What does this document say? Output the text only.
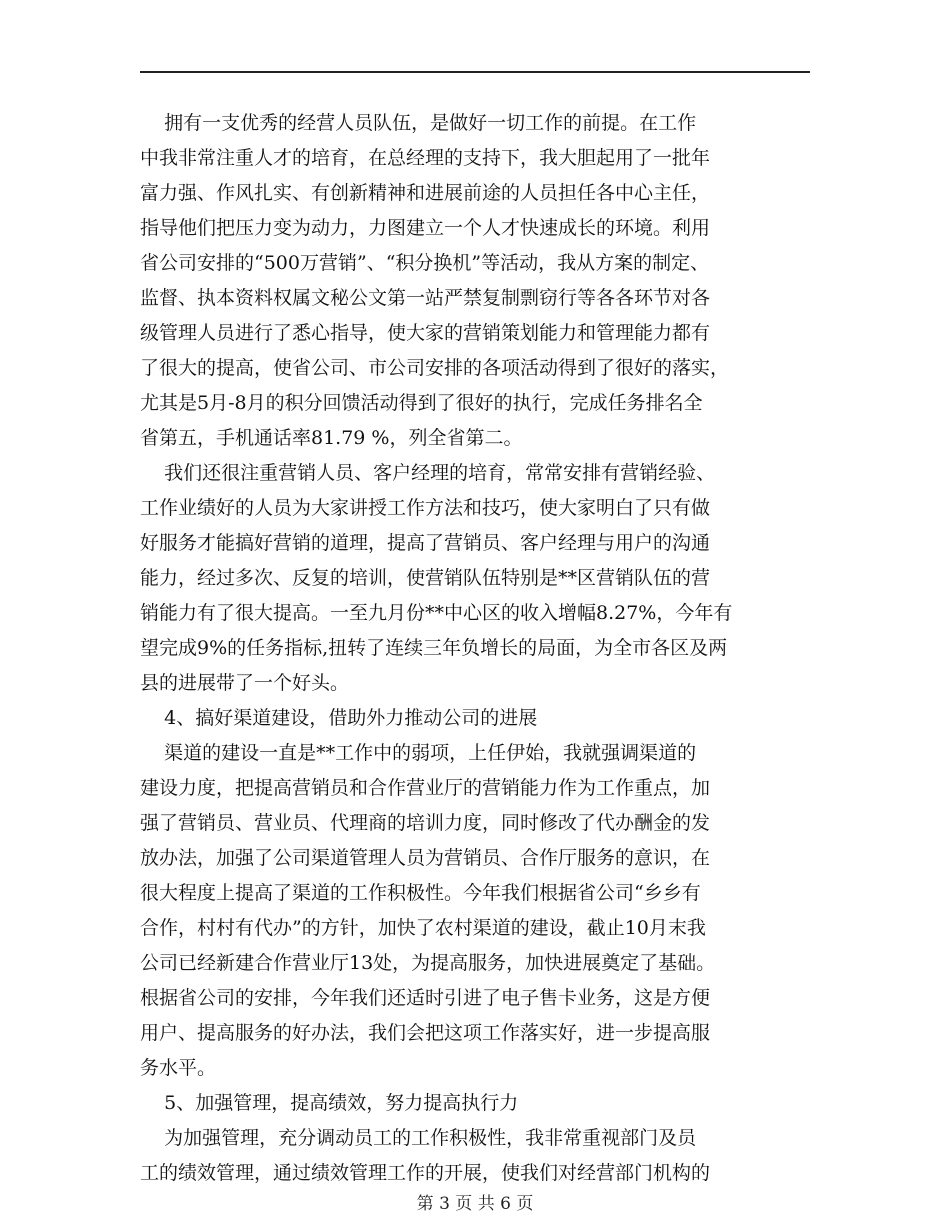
拥有一支优秀的经营人员队伍，是做好一切工作的前提。在工作
中我非常注重人才的培育，在总经理的支持下，我大胆起用了一批年
富力强、作风扎实、有创新精神和进展前途的人员担任各中心主任，
指导他们把压力变为动力，力图建立一个人才快速成长的环境。利用
省公司安排的“500万营销”、“积分换机”等活动，我从方案的制定、
监督、执本资料权属文秘公文第一站严禁复制剽窃行等各各环节对各
级管理人员进行了悉心指导，使大家的营销策划能力和管理能力都有
了很大的提高，使省公司、市公司安排的各项活动得到了很好的落实，
尤其是5月-8月的积分回馈活动得到了很好的执行，完成任务排名全
省第五，手机通话率81.79 %，列全省第二。
我们还很注重营销人员、客户经理的培育，常常安排有营销经验、
工作业绩好的人员为大家讲授工作方法和技巧，使大家明白了只有做
好服务才能搞好营销的道理，提高了营销员、客户经理与用户的沟通
能力，经过多次、反复的培训，使营销队伍特别是**区营销队伍的营
销能力有了很大提高。一至九月份**中心区的收入增幅8.27%，今年有
望完成9%的任务指标,扭转了连续三年负增长的局面，为全市各区及两
县的进展带了一个好头。
4、搞好渠道建设，借助外力推动公司的进展
渠道的建设一直是**工作中的弱项，上任伊始，我就强调渠道的
建设力度，把提高营销员和合作营业厅的营销能力作为工作重点，加
强了营销员、营业员、代理商的培训力度，同时修改了代办酬金的发
放办法，加强了公司渠道管理人员为营销员、合作厅服务的意识，在
很大程度上提高了渠道的工作积极性。今年我们根据省公司“乡乡有
合作，村村有代办”的方针，加快了农村渠道的建设，截止10月末我
公司已经新建合作营业厅13处，为提高服务，加快进展奠定了基础。
根据省公司的安排，今年我们还适时引进了电子售卡业务，这是方便
用户、提高服务的好办法，我们会把这项工作落实好，进一步提高服
务水平。
5、加强管理，提高绩效，努力提高执行力
为加强管理，充分调动员工的工作积极性，我非常重视部门及员
工的绩效管理，通过绩效管理工作的开展，使我们对经营部门机构的
第 3 页 共 6 页
